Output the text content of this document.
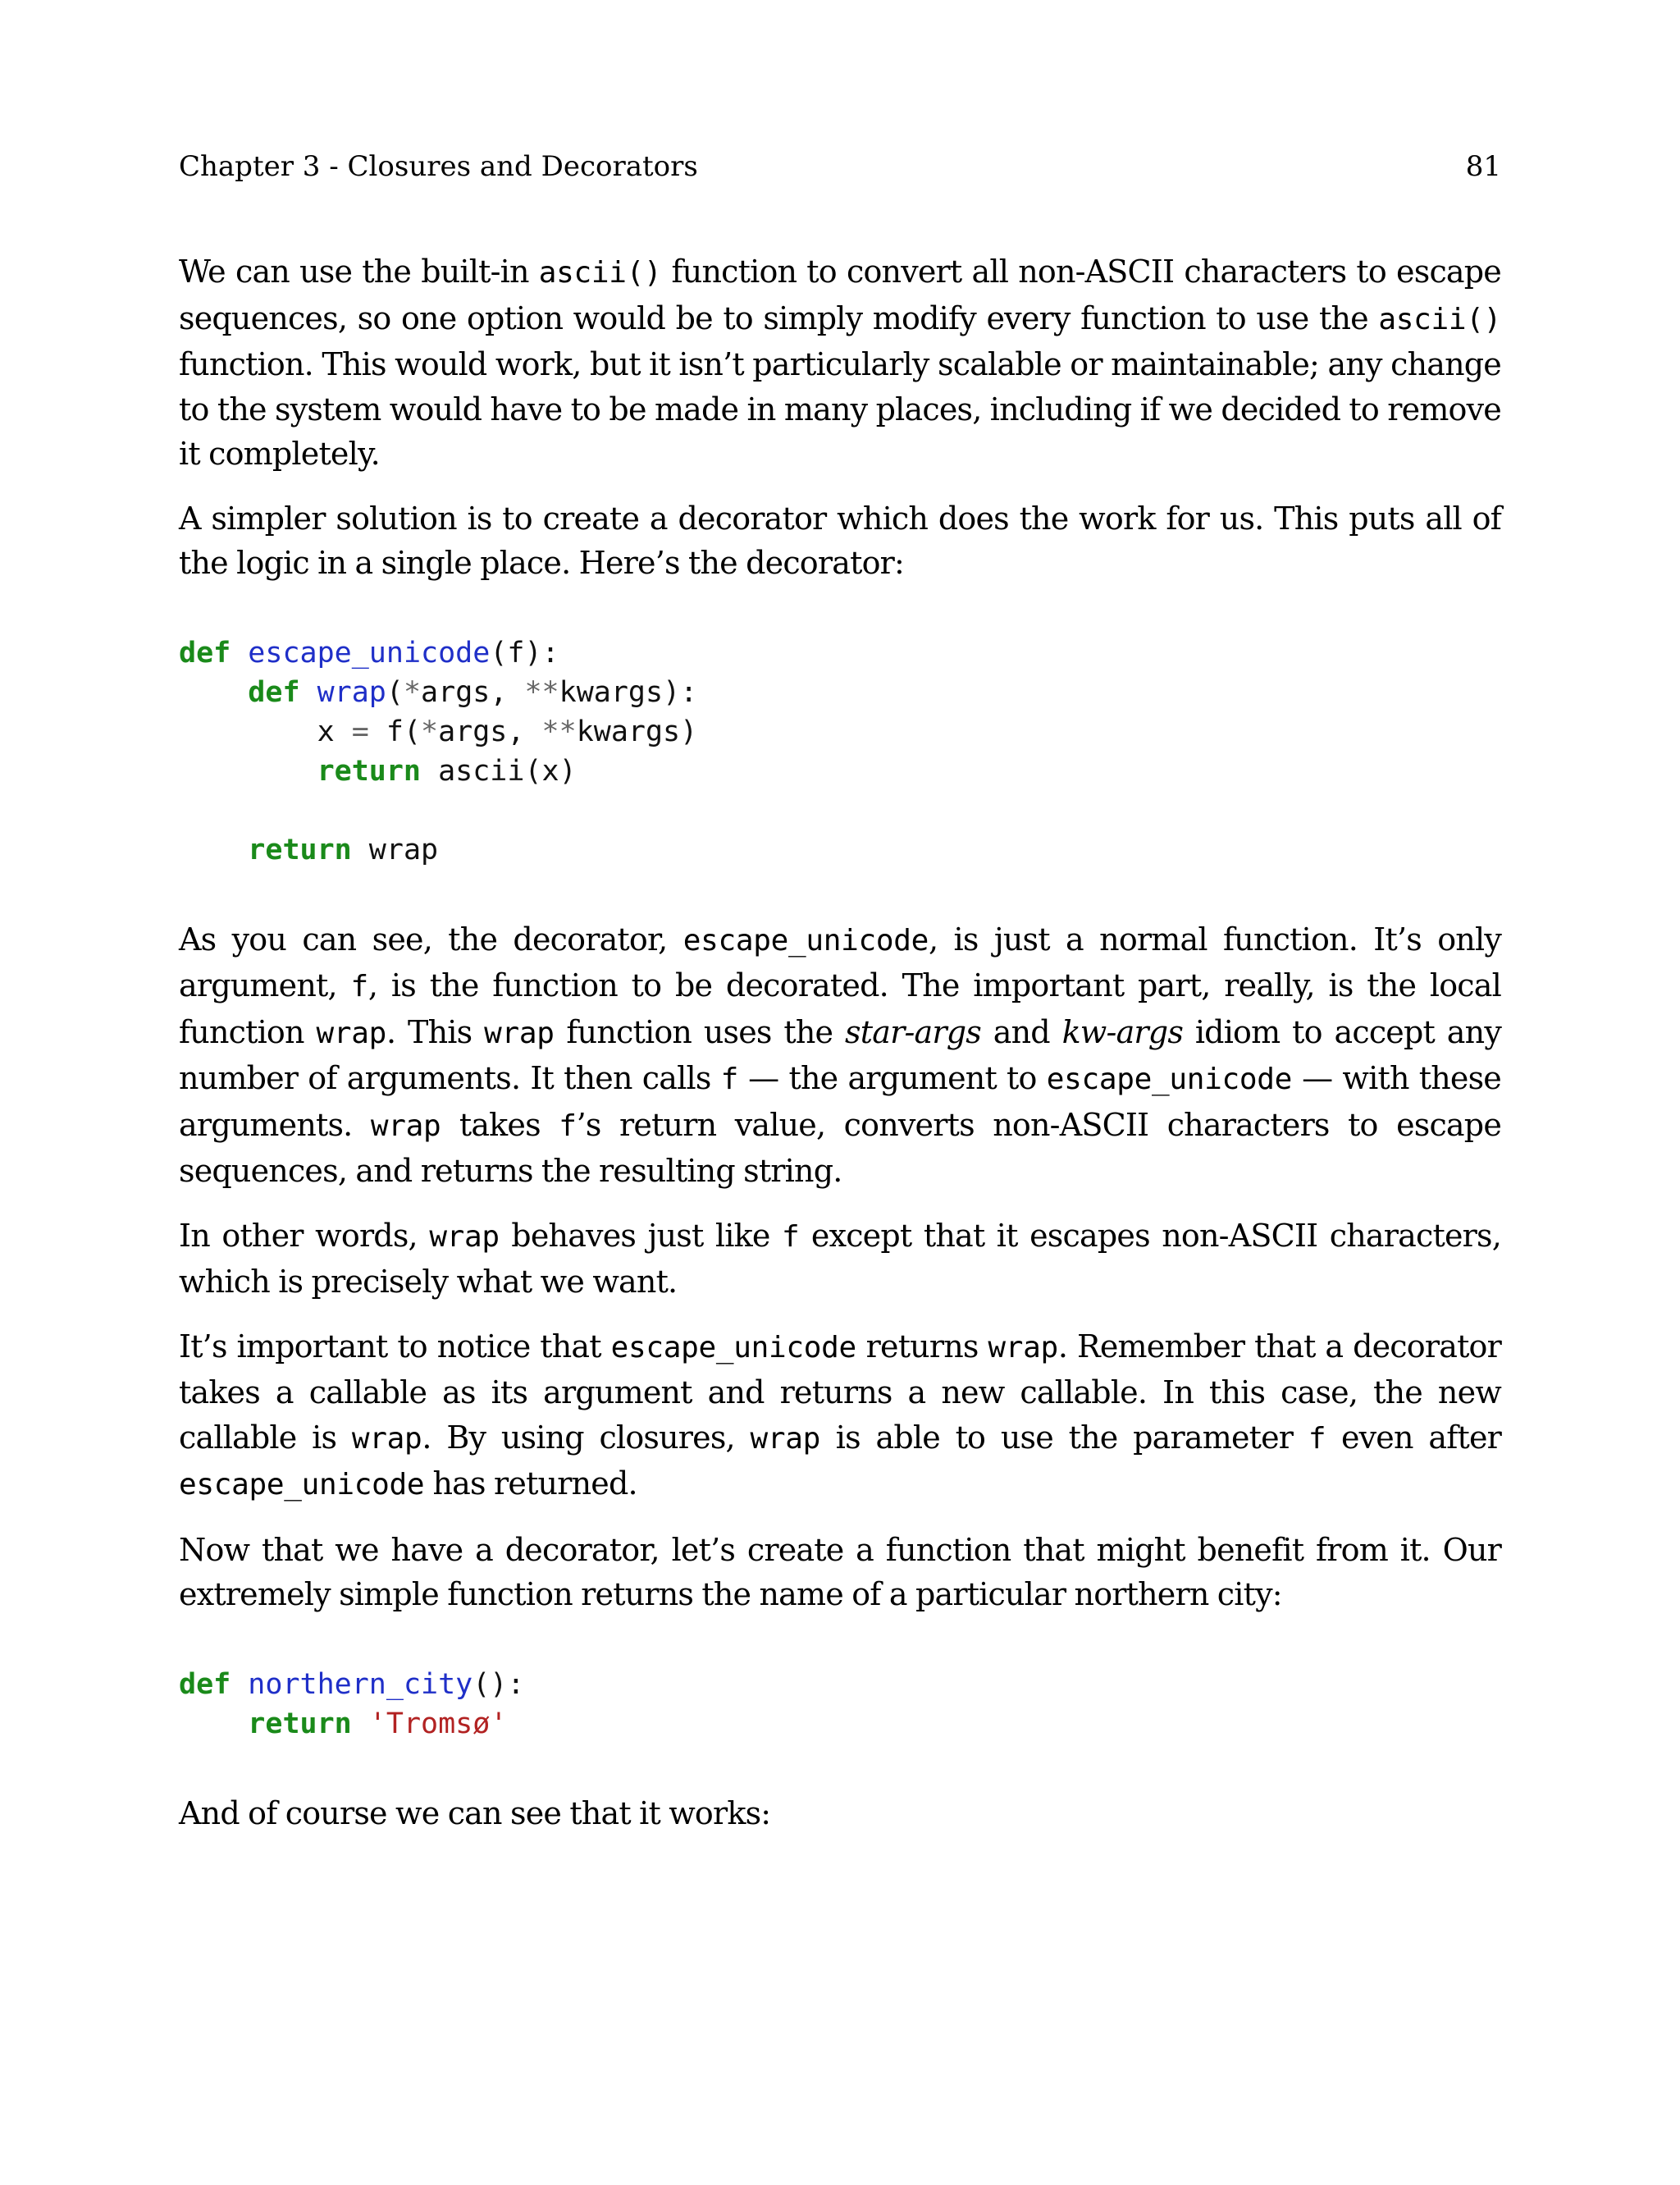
Chapter 3 - Closures and Decorators	81

We can use the built-in ascii() function to convert all non-ASCII characters to escape sequences, so one option would be to simply modify every function to use the ascii() function. This would work, but it isn’t particularly scalable or maintainable; any change to the system would have to be made in many places, including if we decided to remove it completely.

A simpler solution is to create a decorator which does the work for us. This puts all of the logic in a single place. Here’s the decorator:

def escape_unicode(f):
def wrap(*args, **kwargs):
x = f(*args, **kwargs)
return ascii(x)
return wrap

As you can see, the decorator, escape_unicode, is just a normal function. It’s only argument, f, is the function to be decorated. The important part, really, is the local function wrap. This wrap function uses the star-args and kw-args idiom to accept any number of arguments. It then calls f — the argument to escape_unicode — with these arguments. wrap takes f’s return value, converts non-ASCII characters to escape sequences, and returns the resulting string.

In other words, wrap behaves just like f except that it escapes non-ASCII characters, which is precisely what we want.

It’s important to notice that escape_unicode returns wrap. Remember that a decorator takes a callable as its argument and returns a new callable. In this case, the new callable is wrap. By using closures, wrap is able to use the parameter f even after escape_unicode has returned.

Now that we have a decorator, let’s create a function that might benefit from it. Our extremely simple function returns the name of a particular northern city:

def northern_city():
return 'Tromsø'

And of course we can see that it works:
